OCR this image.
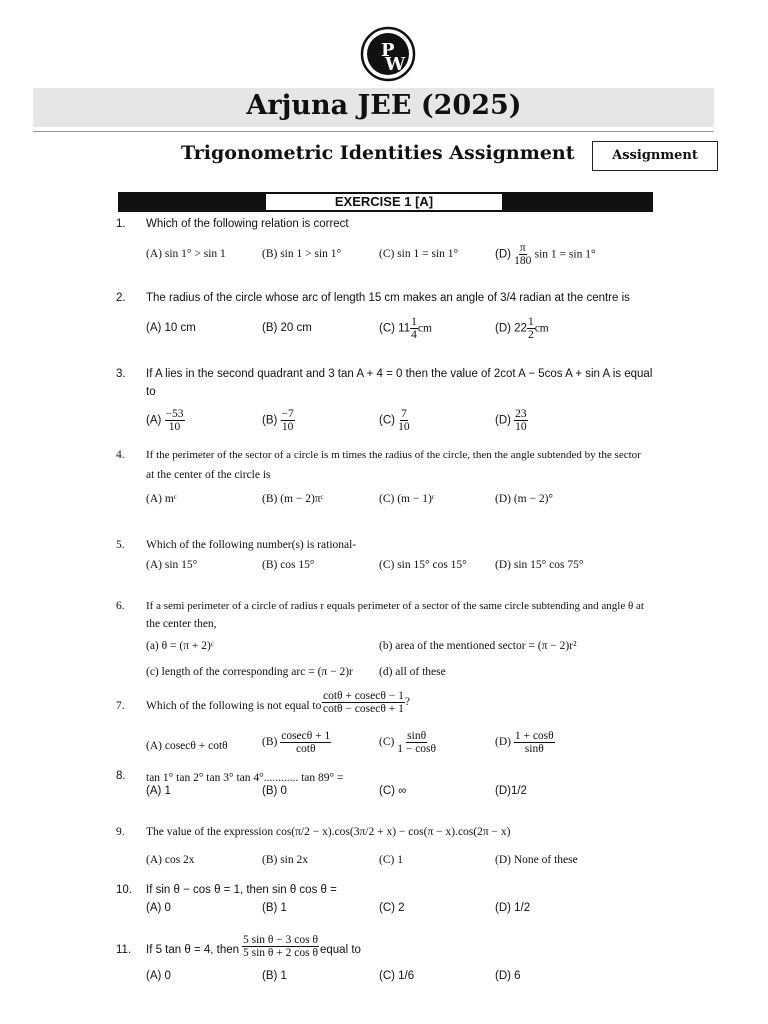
P
W
Arjuna JEE (2025)
Trigonometric Identities Assignment	Assignment
EXERCISE 1 [A]
1. Which of the following relation is correct
(A) sin 1° > sin 1	(B) sin 1 > sin 1°	(C) sin 1 = sin 1°	$(D) \frac{\pi}{180}$ sin 1 = sin 1°
2. The radius of the circle whose arc of length 15 cm makes an angle of 3/4 radian at the centre is
(A) 10 cm	(B) 20 cm	(C) $11 \frac{1}{4}$ cm	(D) $22 \frac{1}{2}$ cm
3. If A lies in the second quadrant and 3 tan A + 4 = 0 then the value of 2cot A − 5cos A + sin A is equal
to
$(A) \frac{-53}{10}$	$(B) \frac{-7}{10}$	$(C) \frac{7}{10}$	$(D) \frac{23}{10}$
4. If the perimeter of the sector of a circle is m times the radius of the circle, then the angle subtended by the sector
at the center of the circle is
(A) mᶜ	(B) (m − 2)πᶜ	(C) (m − 1)ᶜ	(D) (m − 2)°
5. Which of the following number(s) is rational-
(A) sin 15°	(B) cos 15°	(C) sin 15° cos 15° (D) sin 15° cos 75°
6. If a semi perimeter of a circle of radius r equals perimeter of a sector of the same circle subtending and angle θ at
the center then,
(a) θ = (π + 2)ᶜ	(b) area of the mentioned sector = (π − 2)r²
(c) length of the corresponding arc = (π − 2)r (d) all of these
7. Which of the following is not equal to $\frac{\cot\theta + cosec\theta - 1}{\cot\theta - cosec\theta + 1}$ ?
(A) cosecθ + cotθ	$(B) \frac{cosec\theta + 1}{\cot\theta}$	$(C) \frac{\sin\theta}{1 - \cos\theta}$	$(D) \frac{1 + \cos\theta}{\sin\theta}$
8. tan 1° tan 2° tan 3° tan 4°............ tan 89° =
(A) 1	(B) 0	(C) ∞	(D)1/2
9. The value of the expression cos(π/2 − x).cos(3π/2 + x) − cos(π − x).cos(2π − x)
(A) cos 2x	(B) sin 2x	(C) 1	(D) None of these
10. If sin θ − cos θ = 1, then sin θ cos θ =
(A) 0	(B) 1	(C) 2	(D) 1/2
11. If 5 tan θ = 4, then $\frac{\text{5 sin θ − 3 cos θ}}{\text{5 sin θ + 2 cos θ}}$ equal to
(A) 0	(B) 1	(C) 1/6	(D) 6
